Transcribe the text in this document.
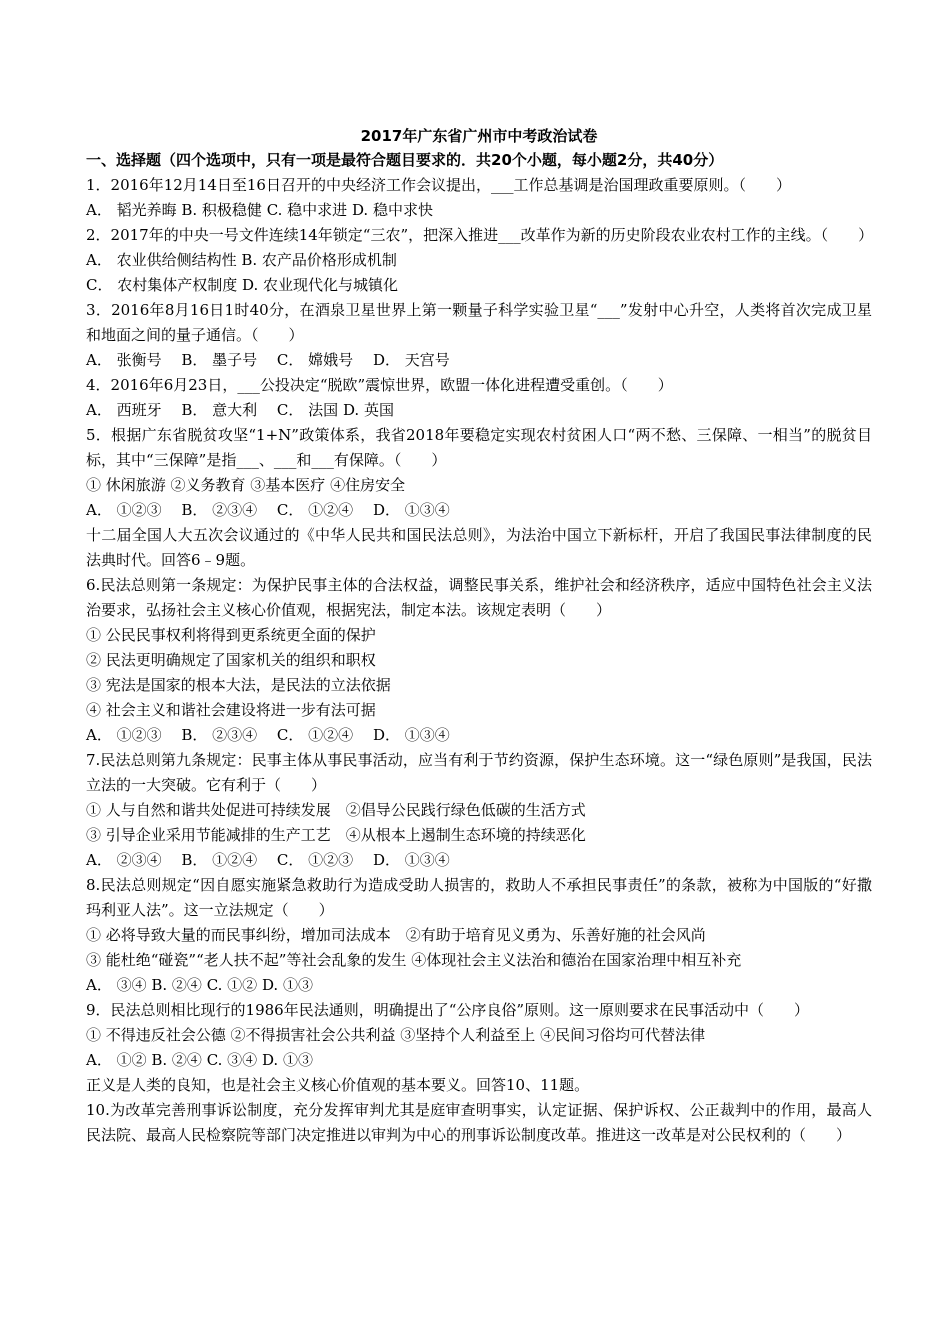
2017年广东省广州市中考政治试卷
一、选择题（四个选项中，只有一项是最符合题目要求的．共20个小题，每小题2分，共40分）
1．2016年12月14日至16日召开的中央经济工作会议提出，___工作总基调是治国理政重要原则。（　　）
A． 韬光养晦 B. 积极稳健 C. 稳中求进 D. 稳中求快
2．2017年的中央一号文件连续14年锁定“三农”，把深入推进___改革作为新的历史阶段农业农村工作的主线。（　　）
A． 农业供给侧结构性 B. 农产品价格形成机制
C． 农村集体产权制度 D. 农业现代化与城镇化
3．2016年8月16日1时40分，在酒泉卫星世界上第一颗量子科学实验卫星“___”发射中心升空，人类将首次完成卫星和地面之间的量子通信。（　　）
A． 张衡号　 B． 墨子号　 C． 嫦娥号　 D． 天宫号
4．2016年6月23日，___公投决定“脱欧”震惊世界，欧盟一体化进程遭受重创。（　　）
A． 西班牙　 B． 意大利　 C． 法国 D. 英国
5．根据广东省脱贫攻坚“1+N”政策体系，我省2018年要稳定实现农村贫困人口“两不愁、三保障、一相当”的脱贫目标，其中“三保障”是指___、___和___有保障。（　　）
① 休闲旅游 ②义务教育 ③基本医疗 ④住房安全
A． ①②③　 B． ②③④　 C． ①②④　 D． ①③④
十二届全国人大五次会议通过的《中华人民共和国民法总则》，为法治中国立下新标杆，开启了我国民事法律制度的民法典时代。回答6﹣9题。
6.民法总则第一条规定：为保护民事主体的合法权益，调整民事关系，维护社会和经济秩序，适应中国特色社会主义法治要求，弘扬社会主义核心价值观，根据宪法，制定本法。该规定表明（　　）
① 公民民事权利将得到更系统更全面的保护
② 民法更明确规定了国家机关的组织和职权
③ 宪法是国家的根本大法，是民法的立法依据
④ 社会主义和谐社会建设将进一步有法可据
A． ①②③　 B． ②③④　 C． ①②④　 D． ①③④
7.民法总则第九条规定：民事主体从事民事活动，应当有利于节约资源，保护生态环境。这一“绿色原则”是我国，民法立法的一大突破。它有利于（　　）
① 人与自然和谐共处促进可持续发展　②倡导公民践行绿色低碳的生活方式
③ 引导企业采用节能减排的生产工艺　④从根本上遏制生态环境的持续恶化
A． ②③④　 B． ①②④　 C． ①②③　 D． ①③④
8.民法总则规定“因自愿实施紧急救助行为造成受助人损害的，救助人不承担民事责任”的条款，被称为中国版的“好撒玛利亚人法”。这一立法规定（　　）
① 必将导致大量的而民事纠纷，增加司法成本　②有助于培育见义勇为、乐善好施的社会风尚
③ 能杜绝“碰瓷”“老人扶不起”等社会乱象的发生 ④体现社会主义法治和德治在国家治理中相互补充
A． ③④ B. ②④ C. ①② D. ①③
9．民法总则相比现行的1986年民法通则，明确提出了“公序良俗”原则。这一原则要求在民事活动中（　　）
① 不得违反社会公德 ②不得损害社会公共利益 ③坚持个人利益至上 ④民间习俗均可代替法律
A． ①② B. ②④ C. ③④ D. ①③
正义是人类的良知，也是社会主义核心价值观的基本要义。回答10、11题。
10.为改革完善刑事诉讼制度，充分发挥审判尤其是庭审查明事实，认定证据、保护诉权、公正裁判中的作用，最高人民法院、最高人民检察院等部门决定推进以审判为中心的刑事诉讼制度改革。推进这一改革是对公民权利的（　　）
